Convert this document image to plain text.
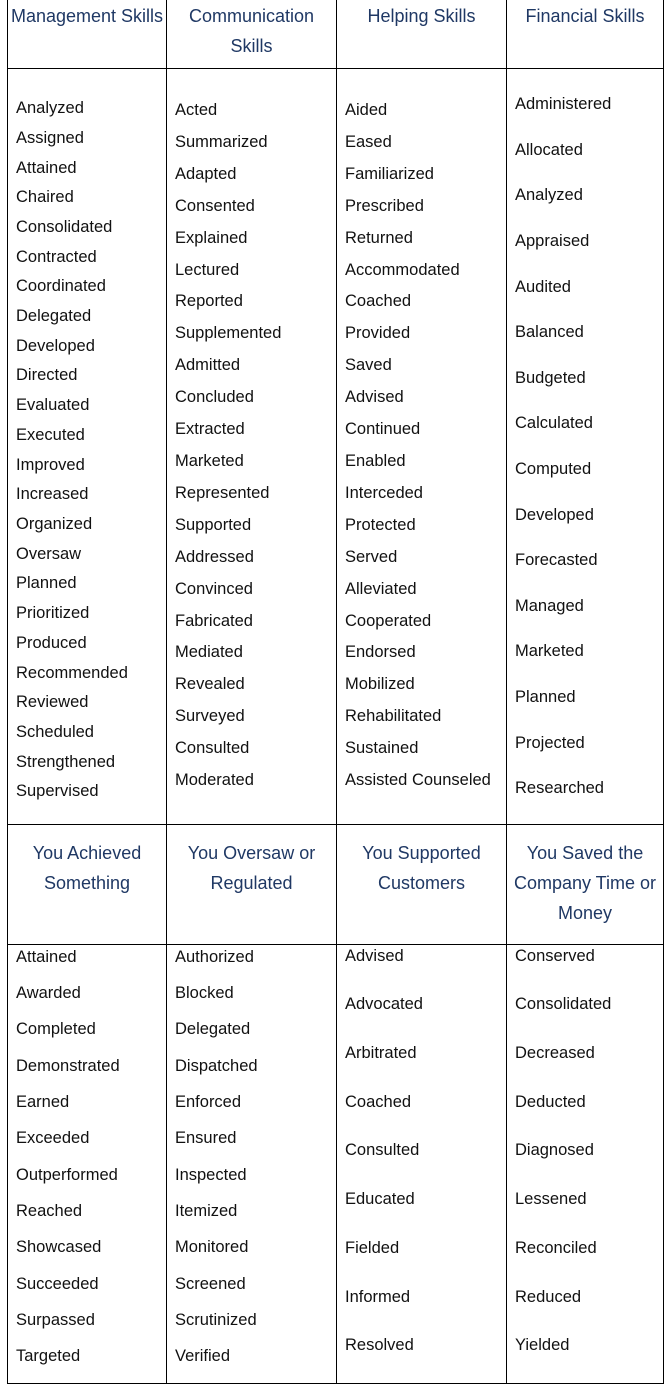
Management Skills	Communication Skills	Helping Skills	Financial Skills

Analyzed
Assigned
Attained
Chaired
Consolidated
Contracted
Coordinated
Delegated
Developed
Directed
Evaluated
Executed
Improved
Increased
Organized
Oversaw
Planned
Prioritized
Produced
Recommended
Reviewed
Scheduled
Strengthened
Supervised

Acted
Summarized
Adapted
Consented
Explained
Lectured
Reported
Supplemented
Admitted
Concluded
Extracted
Marketed
Represented
Supported
Addressed
Convinced
Fabricated
Mediated
Revealed
Surveyed
Consulted
Moderated

Aided
Eased
Familiarized
Prescribed
Returned
Accommodated
Coached
Provided
Saved
Advised
Continued
Enabled
Interceded
Protected
Served
Alleviated
Cooperated
Endorsed
Mobilized
Rehabilitated
Sustained
Assisted Counseled

Administered
Allocated
Analyzed
Appraised
Audited
Balanced
Budgeted
Calculated
Computed
Developed
Forecasted
Managed
Marketed
Planned
Projected
Researched

You Achieved Something	You Oversaw or Regulated	You Supported Customers	You Saved the Company Time or Money

Attained
Awarded
Completed
Demonstrated
Earned
Exceeded
Outperformed
Reached
Showcased
Succeeded
Surpassed
Targeted

Authorized
Blocked
Delegated
Dispatched
Enforced
Ensured
Inspected
Itemized
Monitored
Screened
Scrutinized
Verified

Advised
Advocated
Arbitrated
Coached
Consulted
Educated
Fielded
Informed
Resolved

Conserved
Consolidated
Decreased
Deducted
Diagnosed
Lessened
Reconciled
Reduced
Yielded
